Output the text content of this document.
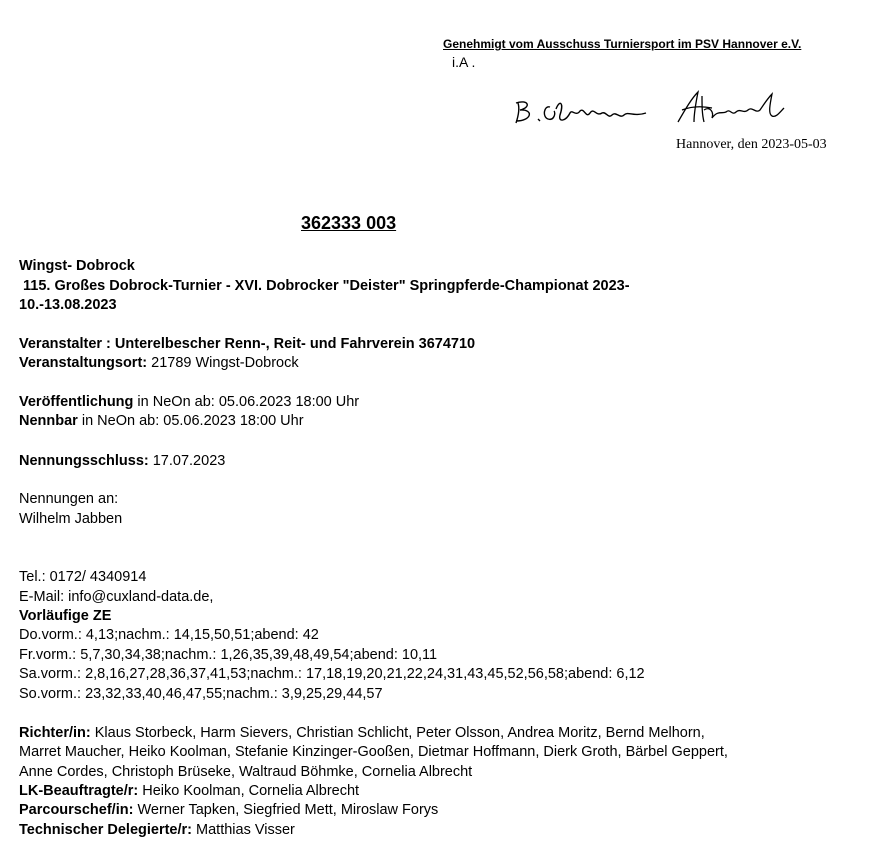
Genehmigt vom Ausschuss Turniersport im PSV Hannover e.V.
i.A .
Hannover, den 2023-05-03
362333 003
Wingst- Dobrock
115. Großes Dobrock-Turnier - XVI. Dobrocker "Deister" Springpferde-Championat 2023-
10.-13.08.2023
Veranstalter : Unterelbescher Renn-, Reit- und Fahrverein 3674710
Veranstaltungsort: 21789 Wingst-Dobrock
Veröffentlichung in NeOn ab: 05.06.2023 18:00 Uhr
Nennbar in NeOn ab: 05.06.2023 18:00 Uhr
Nennungsschluss: 17.07.2023
Nennungen an:
Wilhelm Jabben
Tel.: 0172/ 4340914
E-Mail: info@cuxland-data.de,
Vorläufige ZE
Do.vorm.: 4,13;nachm.: 14,15,50,51;abend: 42
Fr.vorm.: 5,7,30,34,38;nachm.: 1,26,35,39,48,49,54;abend: 10,11
Sa.vorm.: 2,8,16,27,28,36,37,41,53;nachm.: 17,18,19,20,21,22,24,31,43,45,52,56,58;abend: 6,12
So.vorm.: 23,32,33,40,46,47,55;nachm.: 3,9,25,29,44,57
Richter/in: Klaus Storbeck, Harm Sievers, Christian Schlicht, Peter Olsson, Andrea Moritz, Bernd Melhorn,
Marret Maucher, Heiko Koolman, Stefanie Kinzinger-Gooßen, Dietmar Hoffmann, Dierk Groth, Bärbel Geppert,
Anne Cordes, Christoph Brüseke, Waltraud Böhmke, Cornelia Albrecht
LK-Beauftragte/r: Heiko Koolman, Cornelia Albrecht
Parcourschef/in: Werner Tapken, Siegfried Mett, Miroslaw Forys
Technischer Delegierte/r: Matthias Visser
